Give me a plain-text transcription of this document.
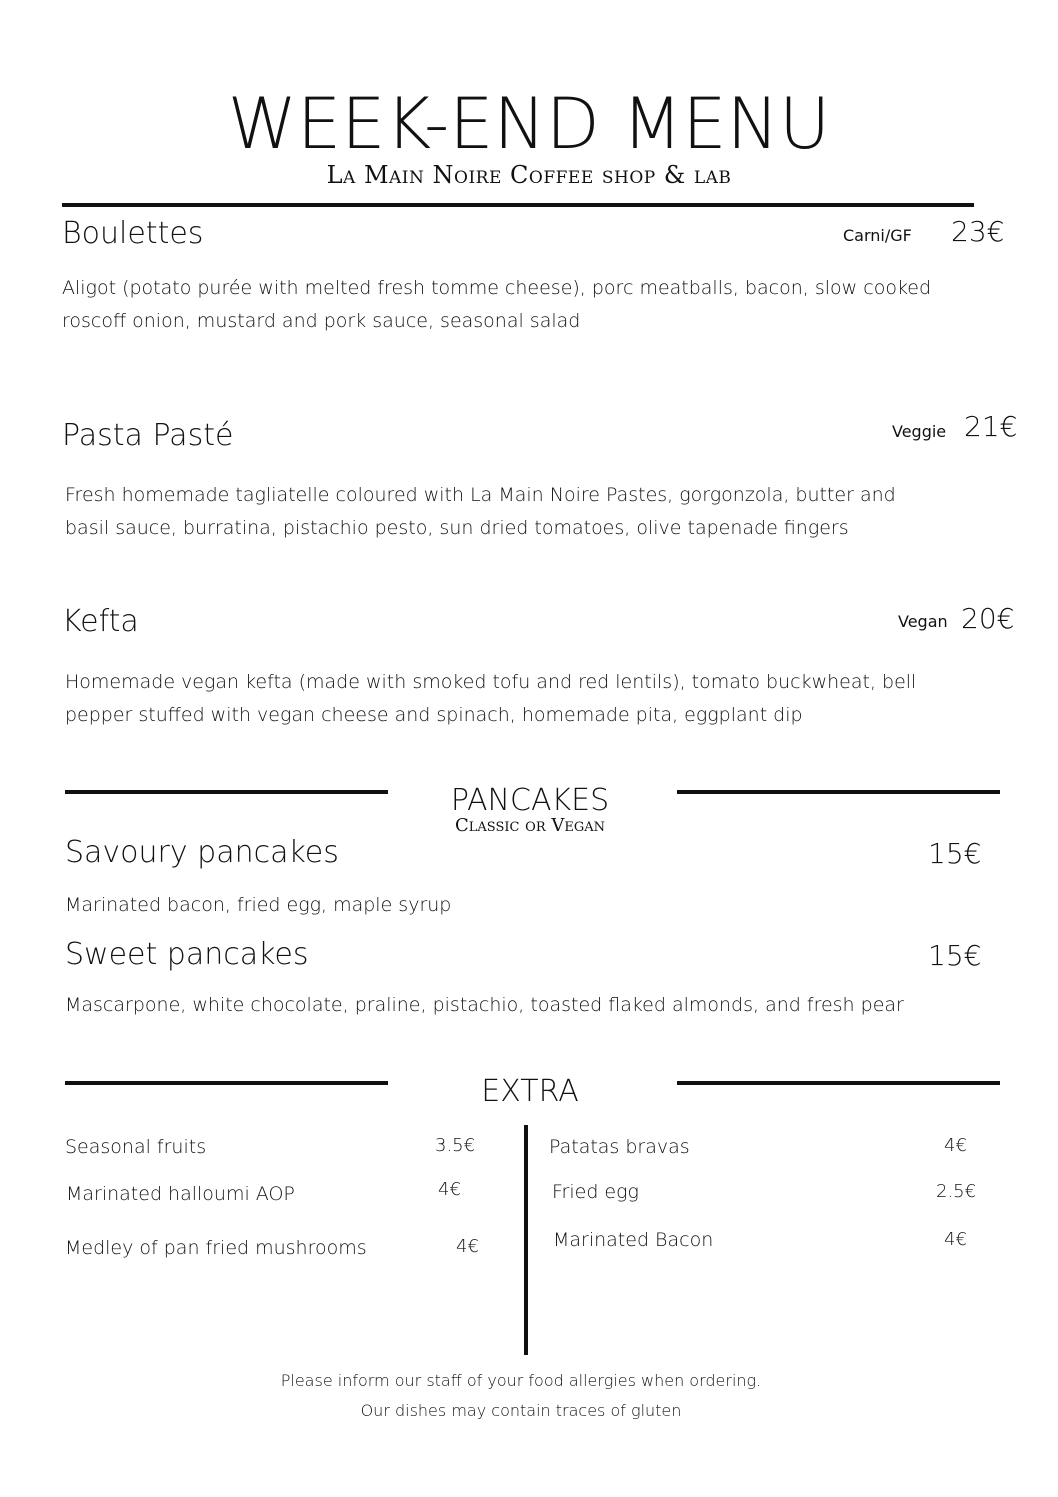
WEEK-END MENU
La Main Noire Coffee shop & lab
Boulettes	Carni/GF 23€
Aligot (potato purée with melted fresh tomme cheese), porc meatballs, bacon, slow cooked roscoff onion, mustard and pork sauce, seasonal salad
Pasta Pasté	Veggie 21€
Fresh homemade tagliatelle coloured with La Main Noire Pastes, gorgonzola, butter and basil sauce, burratina, pistachio pesto, sun dried tomatoes, olive tapenade fingers
Kefta	Vegan 20€
Homemade vegan kefta (made with smoked tofu and red lentils), tomato buckwheat, bell pepper stuffed with vegan cheese and spinach, homemade pita, eggplant dip
PANCAKES
Classic or Vegan
Savoury pancakes	15€
Marinated bacon, fried egg, maple syrup
Sweet pancakes	15€
Mascarpone, white chocolate, praline, pistachio, toasted flaked almonds, and fresh pear
EXTRA
Seasonal fruits	3.5€
Marinated halloumi AOP	4€
Medley of pan fried mushrooms	4€
Patatas bravas	4€
Fried egg	2.5€
Marinated Bacon	4€
Please inform our staff of your food allergies when ordering.
Our dishes may contain traces of gluten
